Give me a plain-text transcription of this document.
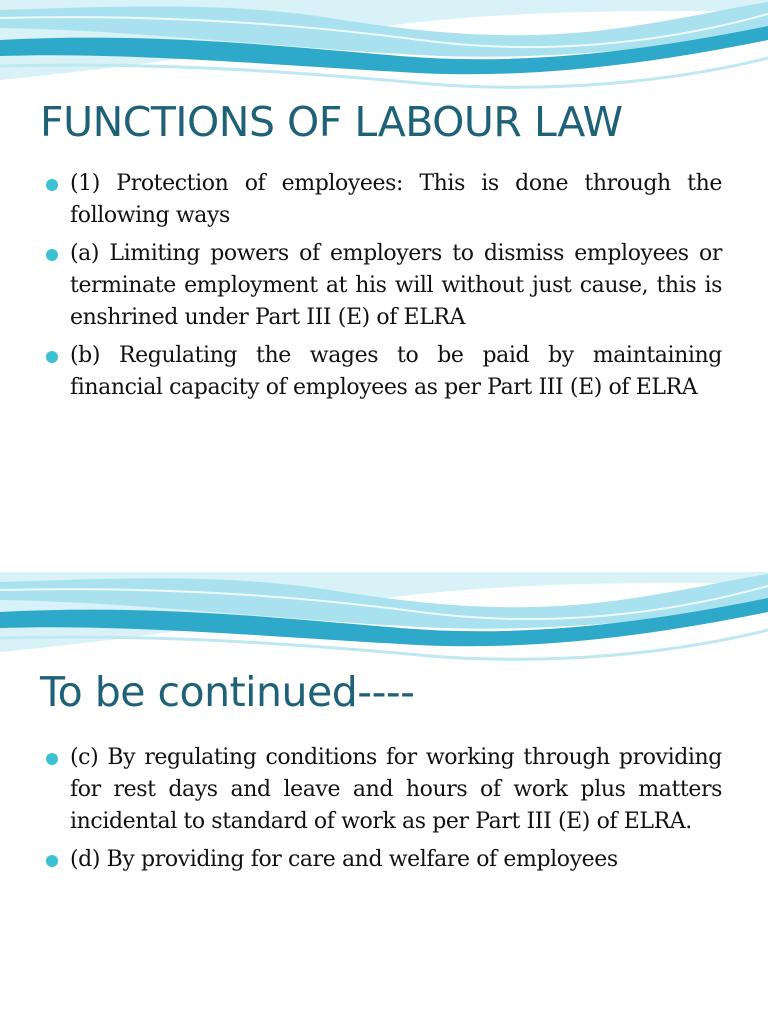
FUNCTIONS OF LABOUR LAW
(1) Protection of employees: This is done through the following ways
(a) Limiting powers of employers to dismiss employees or terminate employment at his will without just cause, this is enshrined under Part III (E) of ELRA
(b) Regulating the wages to be paid by maintaining financial capacity of employees as per Part III (E) of ELRA
To be continued----
(c) By regulating conditions for working through providing for rest days and leave and hours of work plus matters incidental to standard of work as per Part III (E) of ELRA.
(d) By providing for care and welfare of employees
